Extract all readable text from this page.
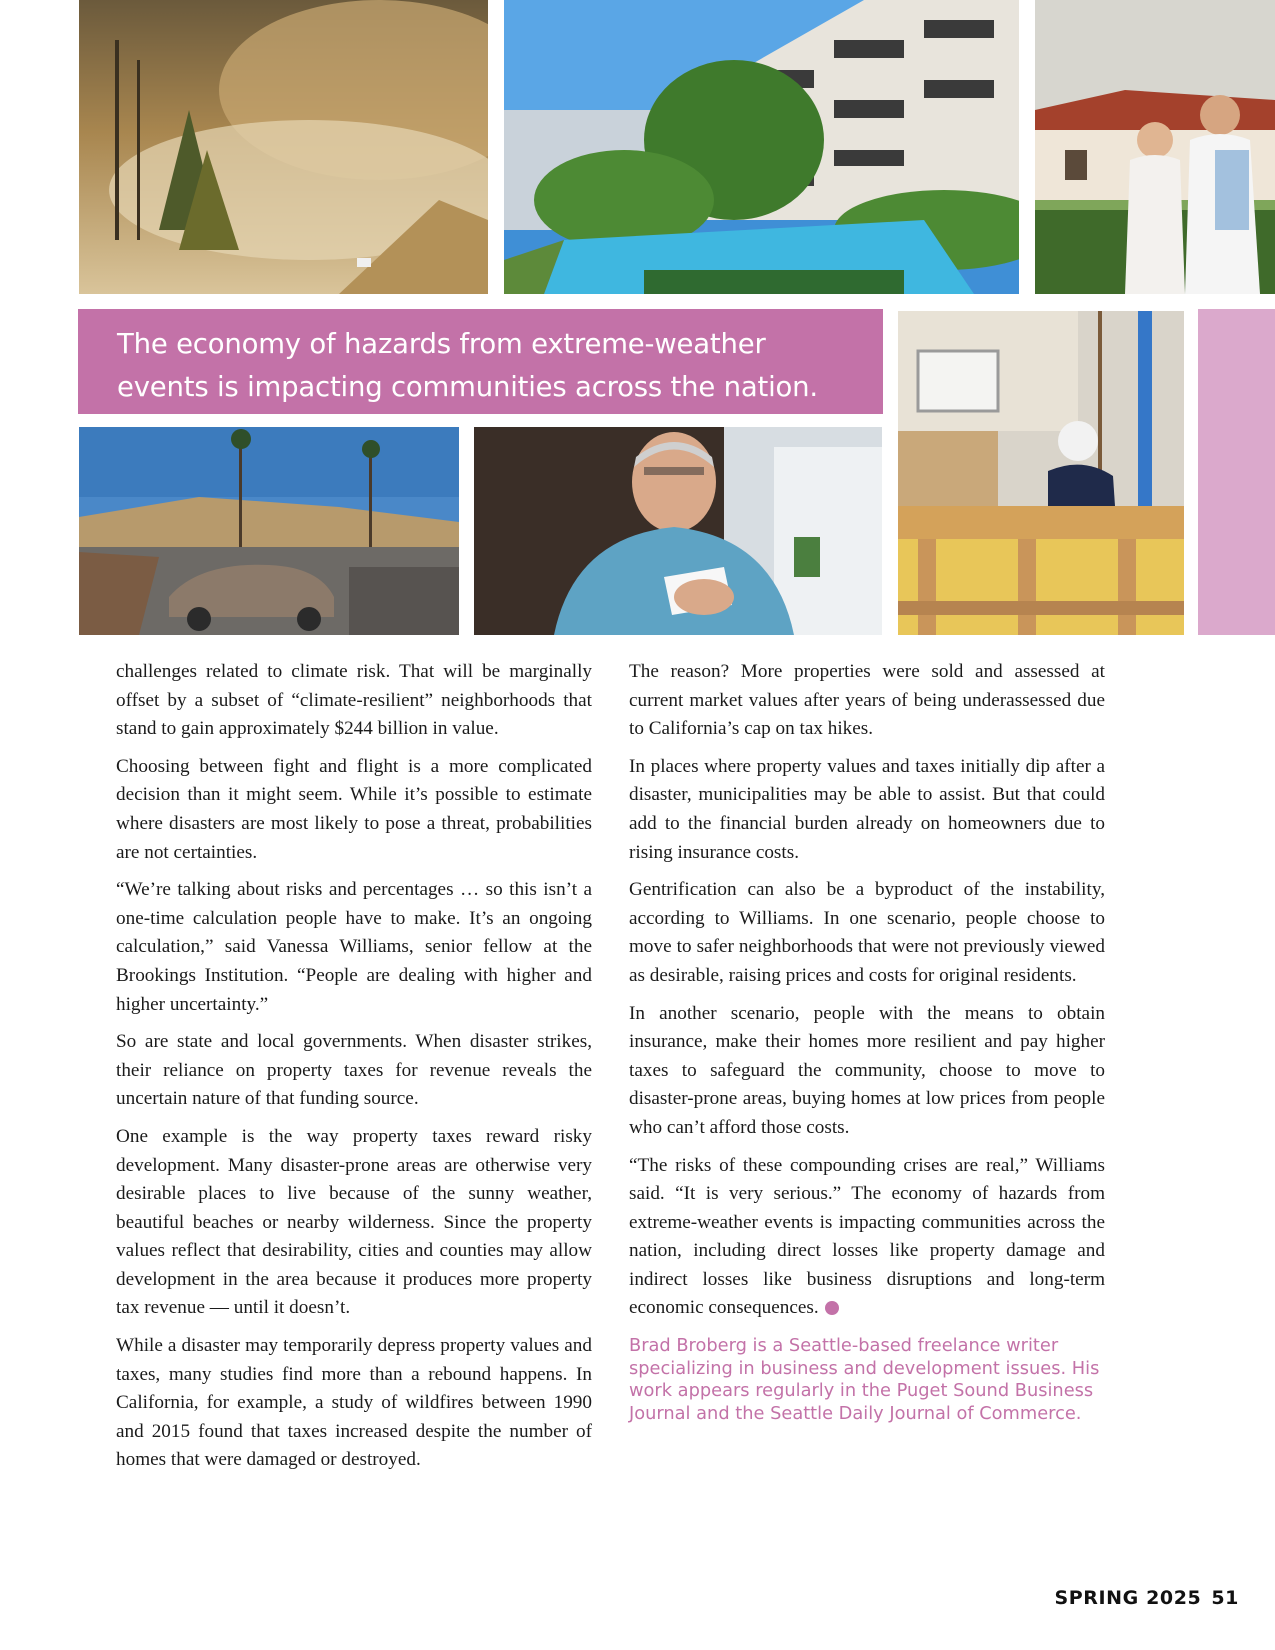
The economy of hazards from extreme-weather events is impacting communities across the nation.

challenges related to climate risk. That will be marginally offset by a subset of “climate-resilient” neighborhoods that stand to gain approximately $244 billion in value.

Choosing between fight and flight is a more complicated decision than it might seem. While it’s possible to estimate where disasters are most likely to pose a threat, probabilities are not certainties.

“We’re talking about risks and percentages … so this isn’t a one-time calculation people have to make. It’s an ongoing calculation,” said Vanessa Williams, senior fellow at the Brookings Institution. “People are dealing with higher and higher uncertainty.”

So are state and local governments. When disaster strikes, their reliance on property taxes for revenue reveals the uncertain nature of that funding source.

One example is the way property taxes reward risky development. Many disaster-prone areas are otherwise very desirable places to live because of the sunny weather, beautiful beaches or nearby wilderness. Since the property values reflect that desirability, cities and counties may allow development in the area because it produces more property tax revenue — until it doesn’t.

While a disaster may temporarily depress property values and taxes, many studies find more than a rebound happens. In California, for example, a study of wildfires between 1990 and 2015 found that taxes increased despite the number of homes that were damaged or destroyed.

The reason? More properties were sold and assessed at current market values after years of being underassessed due to California’s cap on tax hikes.

In places where property values and taxes initially dip after a disaster, municipalities may be able to assist. But that could add to the financial burden already on homeowners due to rising insurance costs.

Gentrification can also be a byproduct of the instability, according to Williams. In one scenario, people choose to move to safer neighborhoods that were not previously viewed as desirable, raising prices and costs for original residents.

In another scenario, people with the means to obtain insurance, make their homes more resilient and pay higher taxes to safeguard the community, choose to move to disaster-prone areas, buying homes at low prices from people who can’t afford those costs.

“The risks of these compounding crises are real,” Williams said. “It is very serious.” The economy of hazards from extreme-weather events is impacting communities across the nation, including direct losses like property damage and indirect losses like business disruptions and long-term economic consequences.

Brad Broberg is a Seattle-based freelance writer specializing in business and development issues. His work appears regularly in the Puget Sound Business Journal and the Seattle Daily Journal of Commerce.
SPRING 2025 51
